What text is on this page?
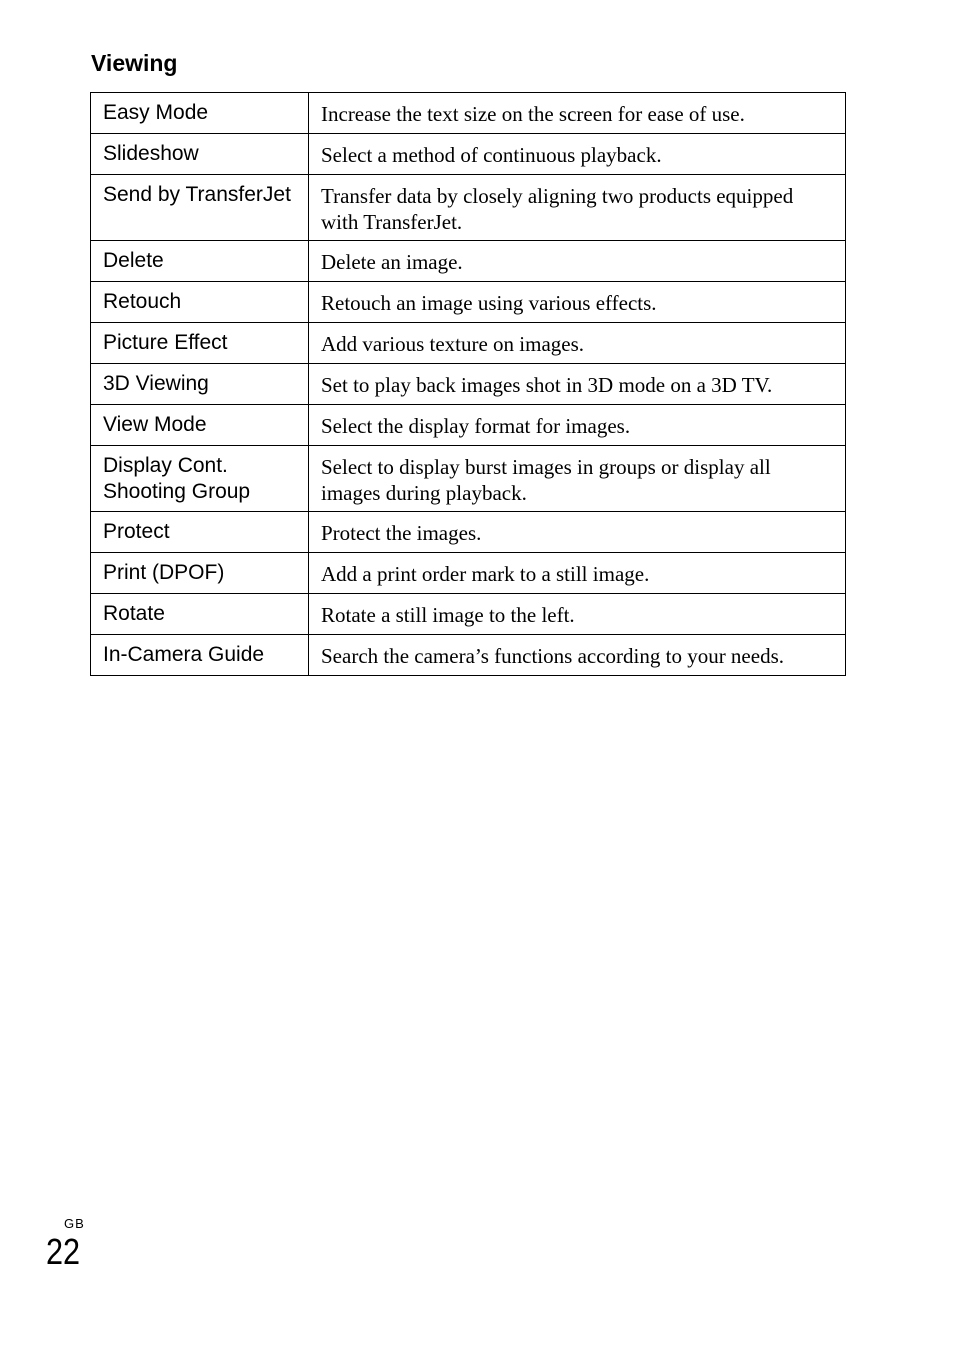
Viewing
Easy Mode	Increase the text size on the screen for ease of use.
Slideshow	Select a method of continuous playback.
Send by TransferJet	Transfer data by closely aligning two products equipped with TransferJet.
Delete	Delete an image.
Retouch	Retouch an image using various effects.
Picture Effect	Add various texture on images.
3D Viewing	Set to play back images shot in 3D mode on a 3D TV.
View Mode	Select the display format for images.
Display Cont. Shooting Group	Select to display burst images in groups or display all images during playback.
Protect	Protect the images.
Print (DPOF)	Add a print order mark to a still image.
Rotate	Rotate a still image to the left.
In-Camera Guide	Search the camera’s functions according to your needs.
GB
22
